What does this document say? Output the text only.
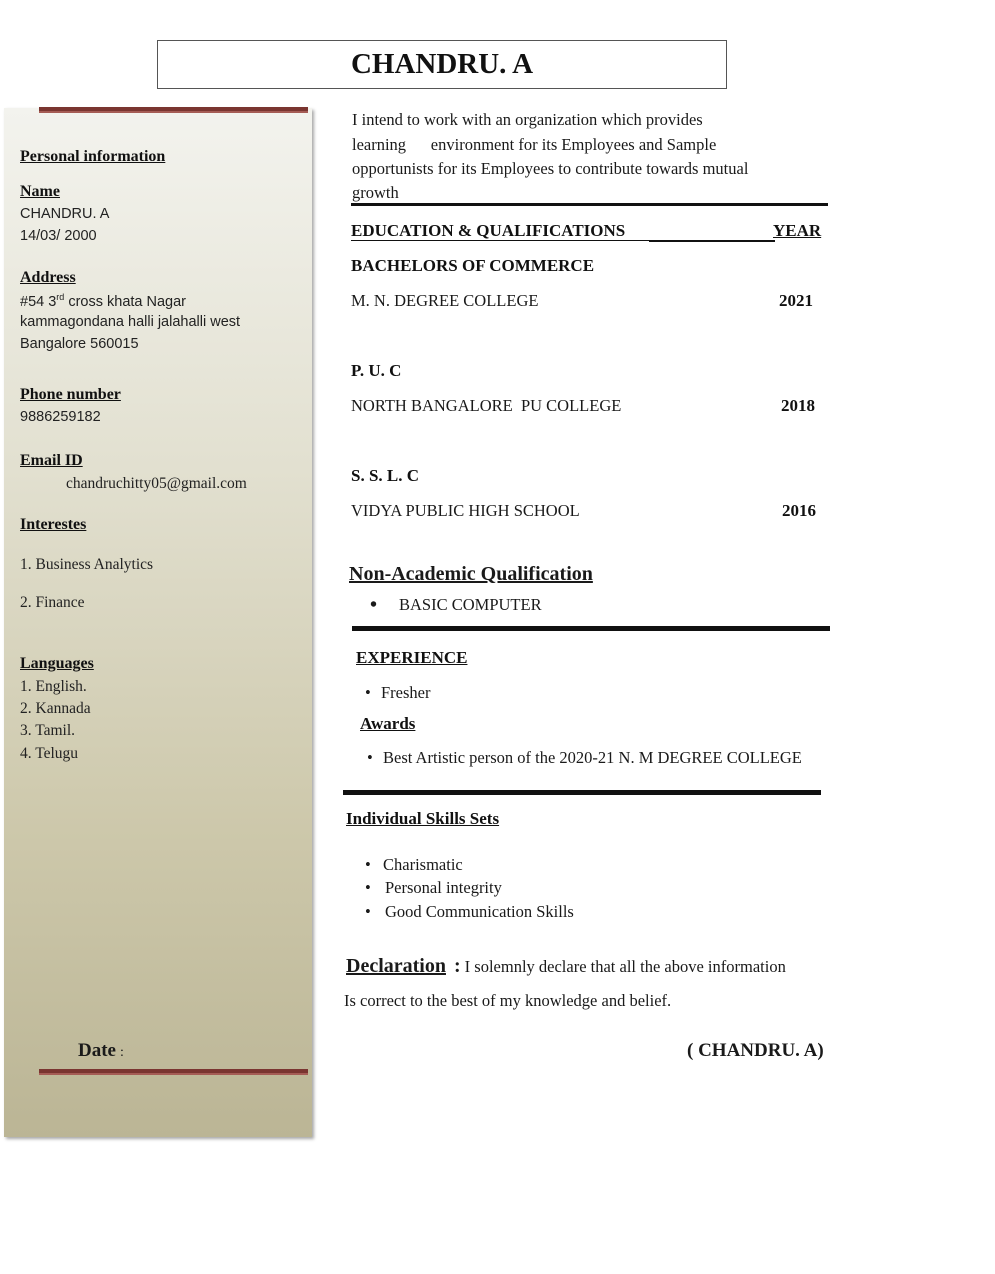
CHANDRU. A
Personal information
Name
CHANDRU. A
14/03/ 2000
Address
#54 3rd cross khata Nagar
kammagondana halli jalahalli west
Bangalore 560015
Phone number
9886259182
Email ID
chandruchitty05@gmail.com
Interestes
1. Business Analytics
2. Finance
Languages
1. English.
2. Kannada
3. Tamil.
4. Telugu
Date :
I intend to work with an organization which provides
learning      environment for its Employees and Sample
opportunists for its Employees to contribute towards mutual
growth
EDUCATION & QUALIFICATIONS	YEAR
BACHELORS OF COMMERCE
M. N. DEGREE COLLEGE	2021
P. U. C
NORTH BANGALORE  PU COLLEGE	2018
S. S. L. C
VIDYA PUBLIC HIGH SCHOOL	2016
Non-Academic Qualification
• BASIC COMPUTER
EXPERIENCE
• Fresher
Awards
• Best Artistic person of the 2020-21 N. M DEGREE COLLEGE
Individual Skills Sets
• Charismatic
• Personal integrity
• Good Communication Skills
Declaration : I solemnly declare that all the above information
Is correct to the best of my knowledge and belief.
( CHANDRU. A)
